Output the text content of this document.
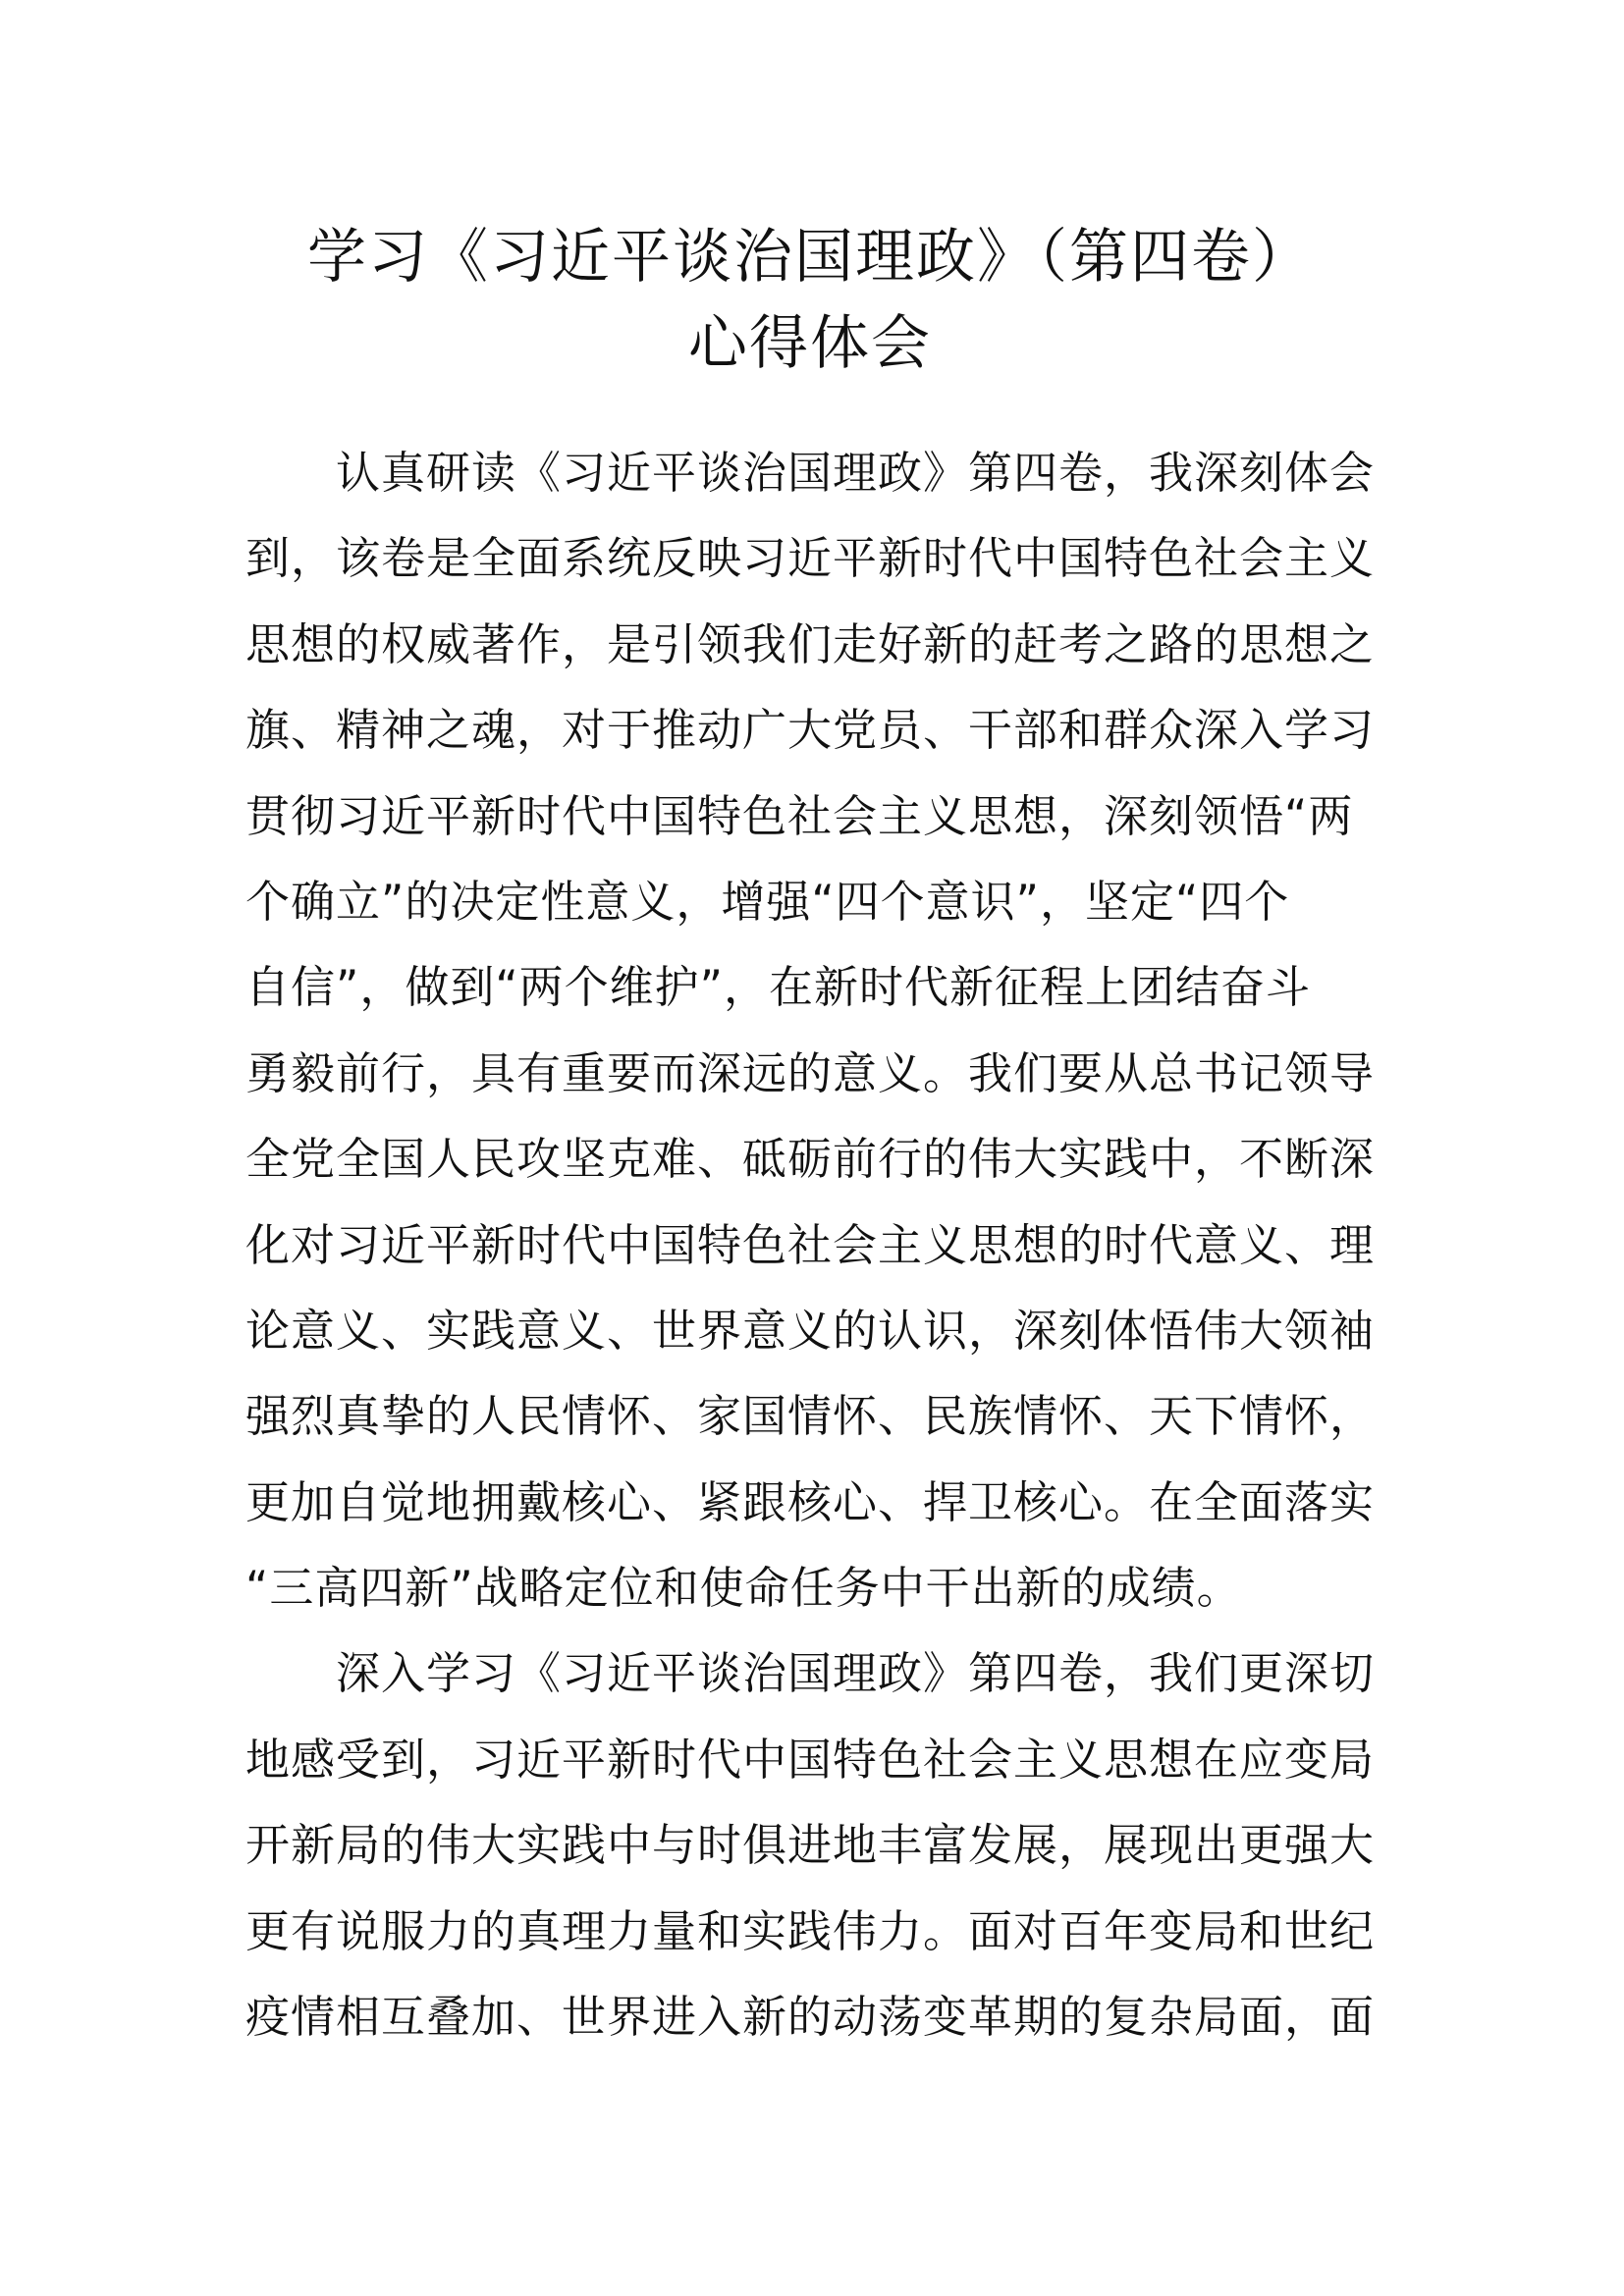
学习《习近平谈治国理政》（第四卷）
心得体会
　　认真研读《习近平谈治国理政》第四卷，我深刻体会
到，该卷是全面系统反映习近平新时代中国特色社会主义
思想的权威著作，是引领我们走好新的赶考之路的思想之
旗、精神之魂，对于推动广大党员、干部和群众深入学习
贯彻习近平新时代中国特色社会主义思想，深刻领悟“两
个确立”的决定性意义，增强“四个意识”，坚定“四个
自信”，做到“两个维护”，在新时代新征程上团结奋斗
勇毅前行，具有重要而深远的意义。我们要从总书记领导
全党全国人民攻坚克难、砥砺前行的伟大实践中，不断深
化对习近平新时代中国特色社会主义思想的时代意义、理
论意义、实践意义、世界意义的认识，深刻体悟伟大领袖
强烈真挚的人民情怀、家国情怀、民族情怀、天下情怀，
更加自觉地拥戴核心、紧跟核心、捍卫核心。在全面落实
“三高四新”战略定位和使命任务中干出新的成绩。
　　深入学习《习近平谈治国理政》第四卷，我们更深切
地感受到，习近平新时代中国特色社会主义思想在应变局
开新局的伟大实践中与时俱进地丰富发展，展现出更强大
更有说服力的真理力量和实践伟力。面对百年变局和世纪
疫情相互叠加、世界进入新的动荡变革期的复杂局面，面
